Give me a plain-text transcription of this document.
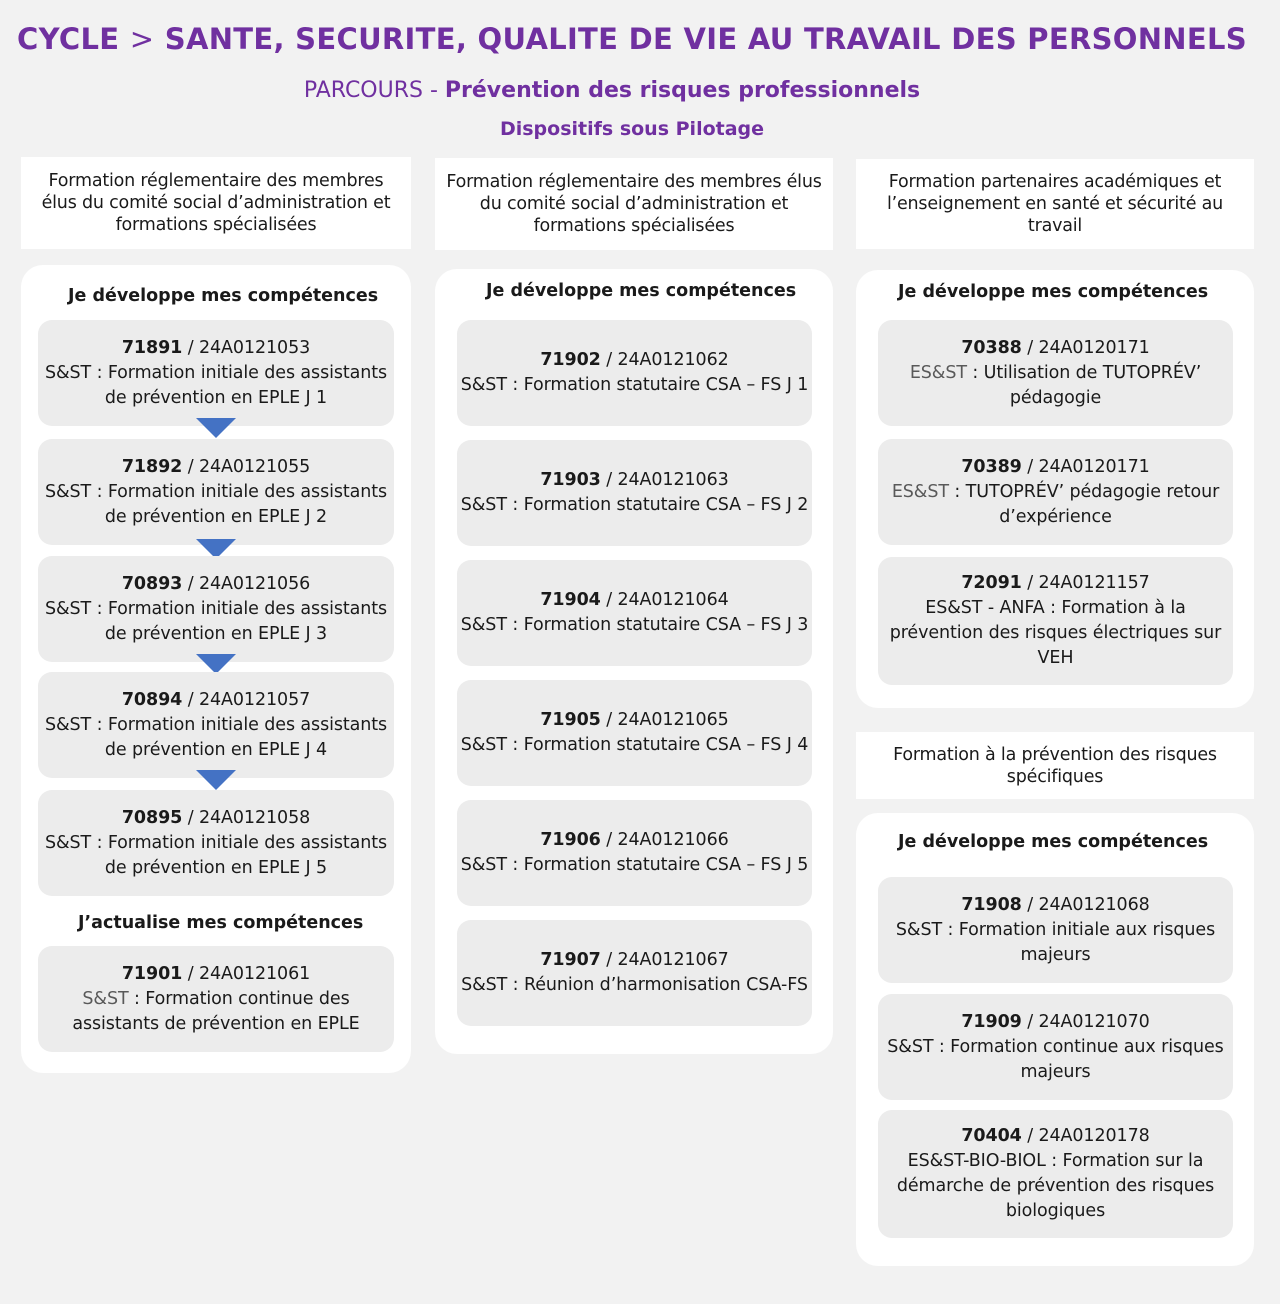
CYCLE > SANTE, SECURITE, QUALITE DE VIE AU TRAVAIL DES PERSONNELS
PARCOURS - Prévention des risques professionnels
Dispositifs sous Pilotage
Formation réglementaire des membres élus du comité social d’administration et formations spécialisées
Je développe mes compétences
71891 / 24A0121053
S&ST : Formation initiale des assistants de prévention en EPLE J 1
71892 / 24A0121055
S&ST : Formation initiale des assistants de prévention en EPLE J 2
70893 / 24A0121056
S&ST : Formation initiale des assistants de prévention en EPLE J 3
70894 / 24A0121057
S&ST : Formation initiale des assistants de prévention en EPLE J 4
70895 / 24A0121058
S&ST : Formation initiale des assistants de prévention en EPLE J 5
J’actualise mes compétences
71901 / 24A0121061
S&ST : Formation continue des assistants de prévention en EPLE
Formation réglementaire des membres élus du comité social d’administration et formations spécialisées
Je développe mes compétences
71902 / 24A0121062
S&ST : Formation statutaire CSA – FS J 1
71903 / 24A0121063
S&ST : Formation statutaire CSA – FS J 2
71904 / 24A0121064
S&ST : Formation statutaire CSA – FS J 3
71905 / 24A0121065
S&ST : Formation statutaire CSA – FS J 4
71906 / 24A0121066
S&ST : Formation statutaire CSA – FS J 5
71907 / 24A0121067
S&ST : Réunion d’harmonisation CSA-FS
Formation partenaires académiques et l’enseignement en santé et sécurité au travail
Je développe mes compétences
70388 / 24A0120171
ES&ST : Utilisation de TUTOPRÉV’ pédagogie
70389 / 24A0120171
ES&ST : TUTOPRÉV’ pédagogie retour d’expérience
72091 / 24A0121157
ES&ST - ANFA : Formation à la prévention des risques électriques sur VEH
Formation à la prévention des risques spécifiques
Je développe mes compétences
71908 / 24A0121068
S&ST : Formation initiale aux risques majeurs
71909 / 24A0121070
S&ST : Formation continue aux risques majeurs
70404 / 24A0120178
ES&ST-BIO-BIOL : Formation sur la démarche de prévention des risques biologiques
